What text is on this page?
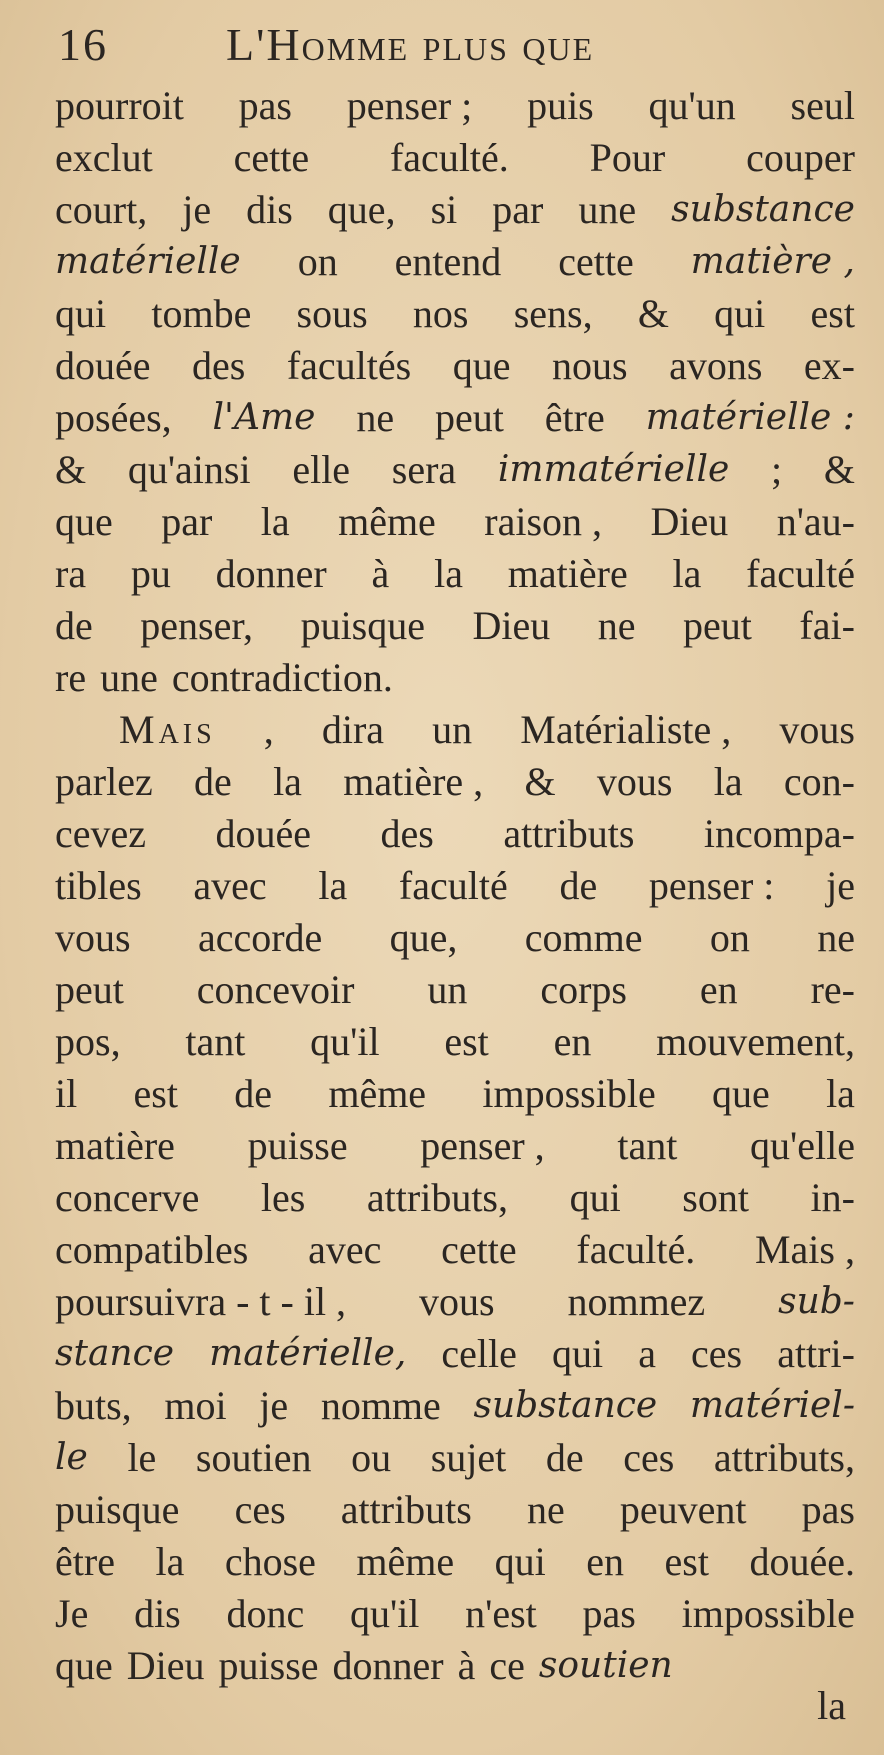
16	L'Homme plus que
pourroit pas penser ; puis qu'un seul
exclut cette faculté. Pour couper
court, je dis que, si par une substance
matérielle on entend cette matière ,
qui tombe sous nos sens, & qui est
douée des facultés que nous avons ex-
posées, l'Ame ne peut être matérielle :
& qu'ainsi elle sera immatérielle ; &
que par la même raison , Dieu n'au-
ra pu donner à la matière la faculté
de penser, puisque Dieu ne peut fai-
re une contradiction.
Mais , dira un Matérialiste , vous
parlez de la matière , & vous la con-
cevez douée des attributs incompa-
tibles avec la faculté de penser : je
vous accorde que, comme on ne
peut concevoir un corps en re-
pos, tant qu'il est en mouvement,
il est de même impossible que la
matière puisse penser , tant qu'elle
concerve les attributs, qui sont in-
compatibles avec cette faculté. Mais ,
poursuivra - t - il , vous nommez sub-
stance matérielle, celle qui a ces attri-
buts, moi je nomme substance matériel-
le le soutien ou sujet de ces attributs,
puisque ces attributs ne peuvent pas
être la chose même qui en est douée.
Je dis donc qu'il n'est pas impossible
que Dieu puisse donner à ce soutien
la
